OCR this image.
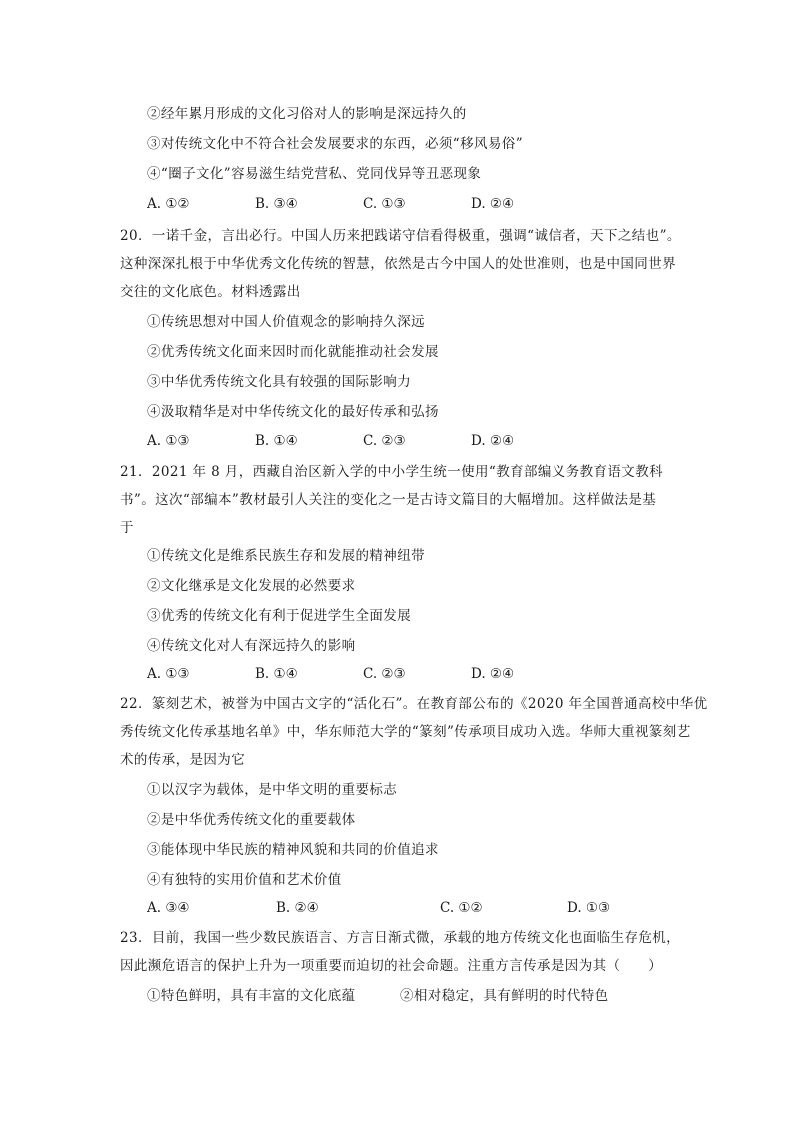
②经年累月形成的文化习俗对人的影响是深远持久的
③对传统文化中不符合社会发展要求的东西，必须“移风易俗”
④“圈子文化”容易滋生结党营私、党同伐异等丑恶现象
A. ①②	B. ③④	C. ①③	D. ②④
20．一诺千金，言出必行。中国人历来把践诺守信看得极重，强调“诚信者，天下之结也”。
这种深深扎根于中华优秀文化传统的智慧，依然是古今中国人的处世准则，也是中国同世界
交往的文化底色。材料透露出
①传统思想对中国人价值观念的影响持久深远
②优秀传统文化面来因时而化就能推动社会发展
③中华优秀传统文化具有较强的国际影响力
④汲取精华是对中华传统文化的最好传承和弘扬
A. ①③	B. ①④	C. ②③	D. ②④
21．2021 年 8 月，西藏自治区新入学的中小学生统一使用“教育部编义务教育语文教科
书”。这次“部编本”教材最引人关注的变化之一是古诗文篇目的大幅增加。这样做法是基
于
①传统文化是维系民族生存和发展的精神纽带
②文化继承是文化发展的必然要求
③优秀的传统文化有利于促进学生全面发展
④传统文化对人有深远持久的影响
A. ①③	B. ①④	C. ②③	D. ②④
22．篆刻艺术，被誉为中国古文字的“活化石”。在教育部公布的《2020 年全国普通高校中华优
秀传统文化传承基地名单》中，华东师范大学的“篆刻”传承项目成功入选。华师大重视篆刻艺
术的传承，是因为它
①以汉字为载体，是中华文明的重要标志
②是中华优秀传统文化的重要载体
③能体现中华民族的精神风貌和共同的价值追求
④有独特的实用价值和艺术价值
A. ③④	B. ②④	C. ①②	D. ①③
23．目前，我国一些少数民族语言、方言日渐式微，承载的地方传统文化也面临生存危机，
因此濒危语言的保护上升为一项重要而迫切的社会命题。注重方言传承是因为其（　　）
①特色鲜明，具有丰富的文化底蕴	②相对稳定，具有鲜明的时代特色
